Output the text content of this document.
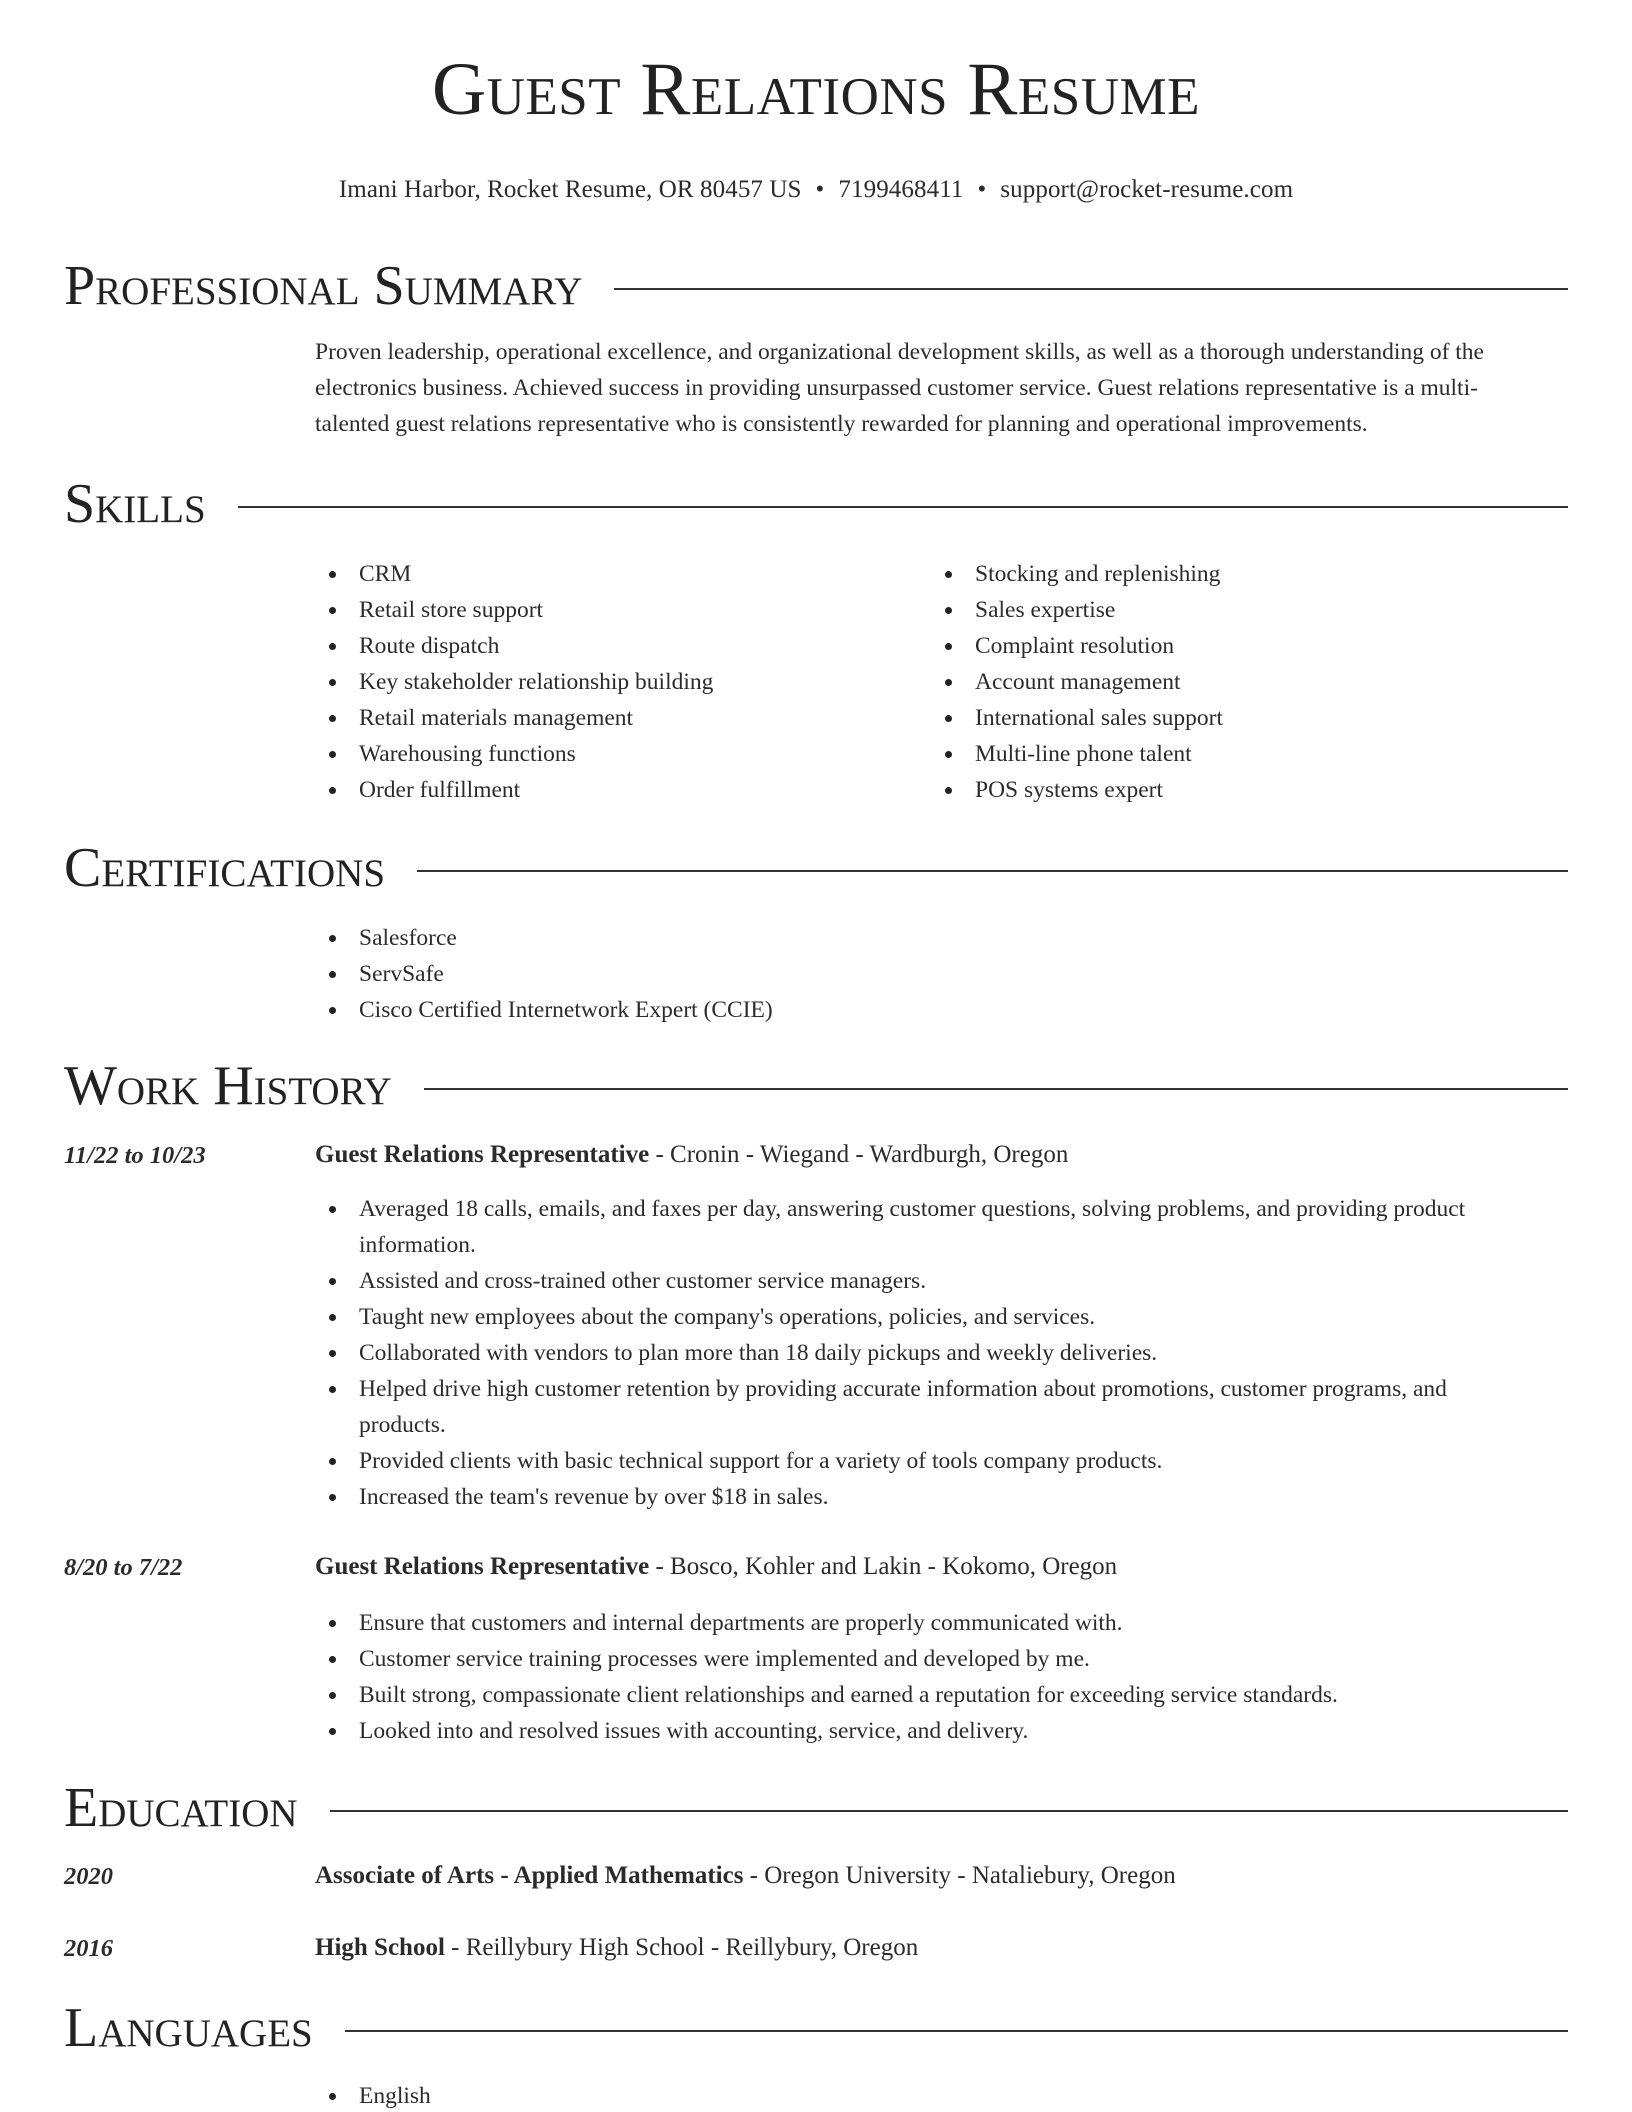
Guest Relations Resume
Imani Harbor, Rocket Resume, OR 80457 US • 7199468411 • support@rocket-resume.com
Professional Summary
Proven leadership, operational excellence, and organizational development skills, as well as a thorough understanding of the
electronics business. Achieved success in providing unsurpassed customer service. Guest relations representative is a multi-
talented guest relations representative who is consistently rewarded for planning and operational improvements.
Skills
CRM
Retail store support
Route dispatch
Key stakeholder relationship building
Retail materials management
Warehousing functions
Order fulfillment
Stocking and replenishing
Sales expertise
Complaint resolution
Account management
International sales support
Multi-line phone talent
POS systems expert
Certifications
Salesforce
ServSafe
Cisco Certified Internetwork Expert (CCIE)
Work History
11/22 to 10/23	Guest Relations Representative - Cronin - Wiegand - Wardburgh, Oregon
Averaged 18 calls, emails, and faxes per day, answering customer questions, solving problems, and providing product
information.
Assisted and cross-trained other customer service managers.
Taught new employees about the company's operations, policies, and services.
Collaborated with vendors to plan more than 18 daily pickups and weekly deliveries.
Helped drive high customer retention by providing accurate information about promotions, customer programs, and
products.
Provided clients with basic technical support for a variety of tools company products.
Increased the team's revenue by over $18 in sales.
8/20 to 7/22	Guest Relations Representative - Bosco, Kohler and Lakin - Kokomo, Oregon
Ensure that customers and internal departments are properly communicated with.
Customer service training processes were implemented and developed by me.
Built strong, compassionate client relationships and earned a reputation for exceeding service standards.
Looked into and resolved issues with accounting, service, and delivery.
Education
2020	Associate of Arts - Applied Mathematics - Oregon University - Nataliebury, Oregon
2016	High School - Reillybury High School - Reillybury, Oregon
Languages
English
